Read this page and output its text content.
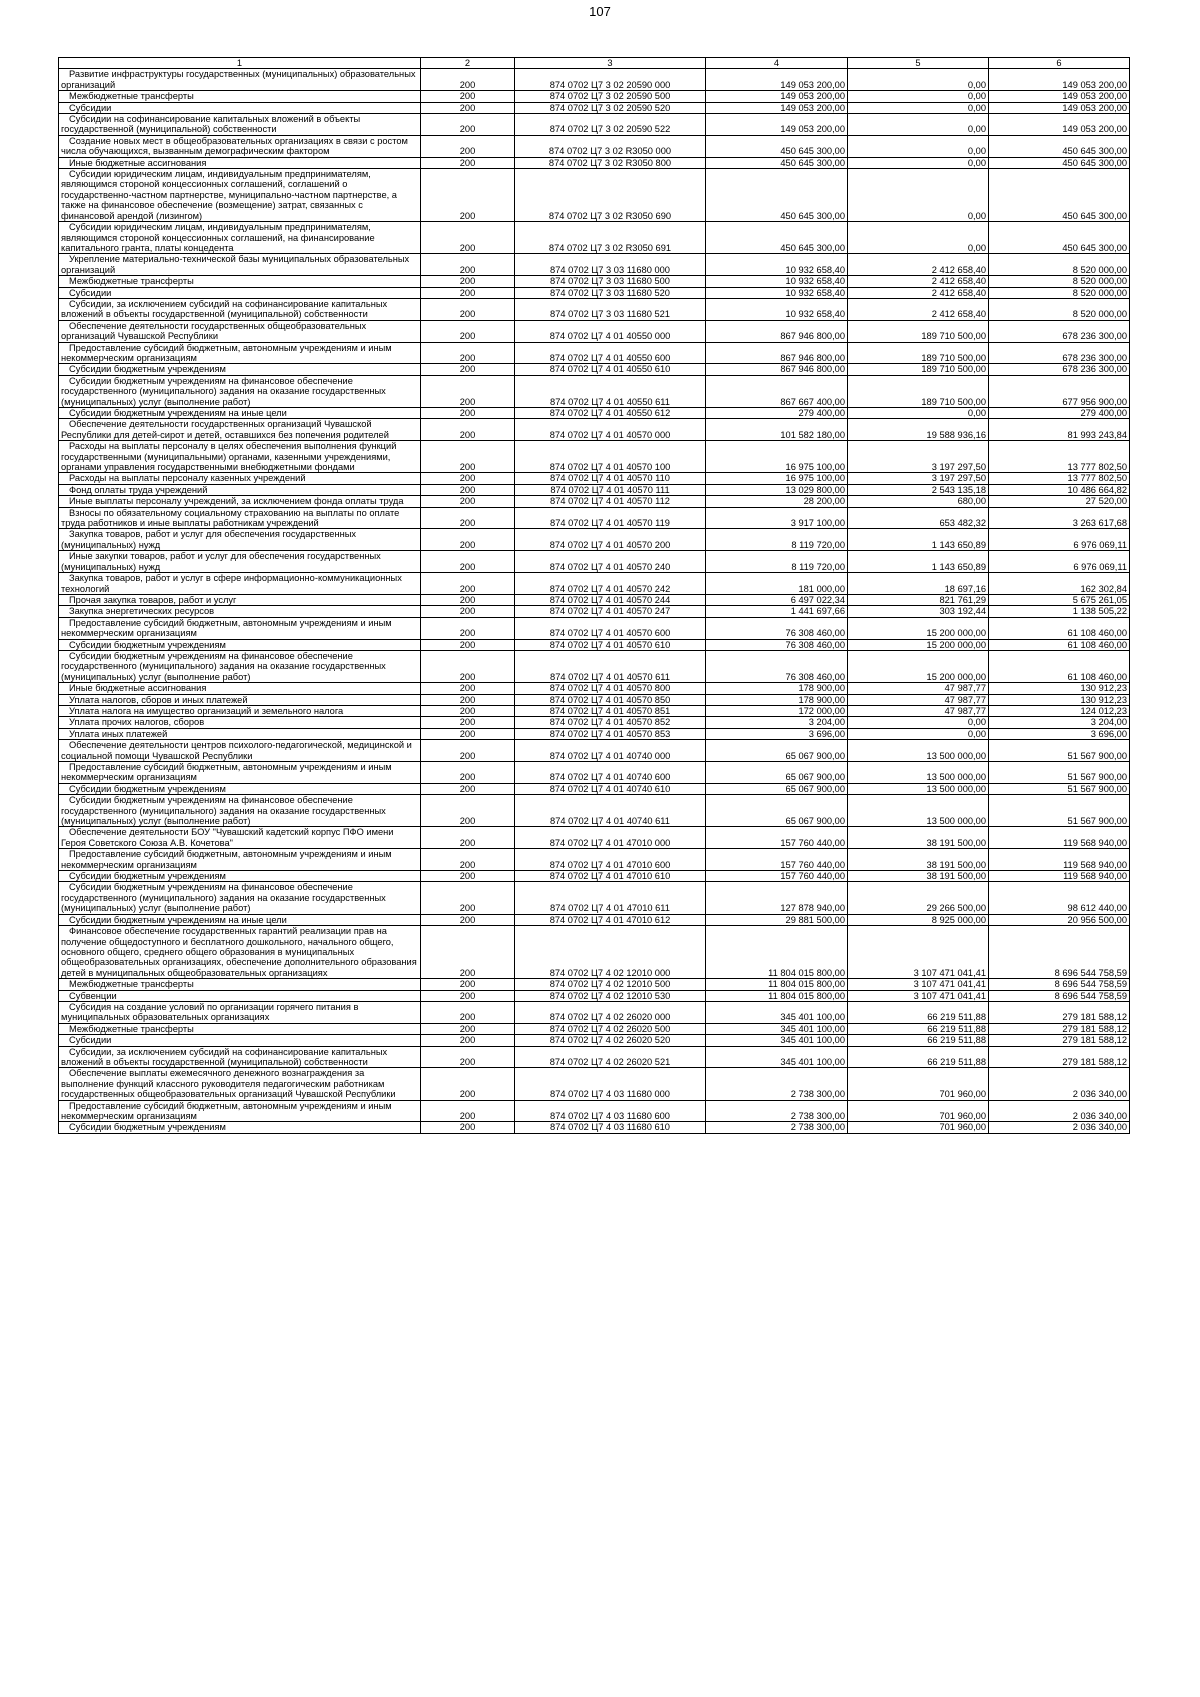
107
1	2	3	4	5	6
Развитие инфраструктуры государственных (муниципальных) образовательных организаций	200	874 0702 Ц7 3 02 20590 000	149 053 200,00	0,00	149 053 200,00
Межбюджетные трансферты	200	874 0702 Ц7 3 02 20590 500	149 053 200,00	0,00	149 053 200,00
Субсидии	200	874 0702 Ц7 3 02 20590 520	149 053 200,00	0,00	149 053 200,00
Субсидии на софинансирование капитальных вложений в объекты государственной (муниципальной) собственности	200	874 0702 Ц7 3 02 20590 522	149 053 200,00	0,00	149 053 200,00
Создание новых мест в общеобразовательных организациях в связи с ростом числа обучающихся, вызванным демографическим фактором	200	874 0702 Ц7 3 02 R3050 000	450 645 300,00	0,00	450 645 300,00
Иные бюджетные ассигнования	200	874 0702 Ц7 3 02 R3050 800	450 645 300,00	0,00	450 645 300,00
Субсидии юридическим лицам, индивидуальным предпринимателям, являющимся стороной концессионных соглашений, соглашений о государственно-частном партнерстве, муниципально-частном партнерстве, а также на финансовое обеспечение (возмещение) затрат, связанных с финансовой арендой (лизингом)	200	874 0702 Ц7 3 02 R3050 690	450 645 300,00	0,00	450 645 300,00
Субсидии юридическим лицам, индивидуальным предпринимателям, являющимся стороной концессионных соглашений, на финансирование капитального гранта, платы концедента	200	874 0702 Ц7 3 02 R3050 691	450 645 300,00	0,00	450 645 300,00
Укрепление материально-технической базы муниципальных образовательных организаций	200	874 0702 Ц7 3 03 11680 000	10 932 658,40	2 412 658,40	8 520 000,00
Межбюджетные трансферты	200	874 0702 Ц7 3 03 11680 500	10 932 658,40	2 412 658,40	8 520 000,00
Субсидии	200	874 0702 Ц7 3 03 11680 520	10 932 658,40	2 412 658,40	8 520 000,00
Субсидии, за исключением субсидий на софинансирование капитальных вложений в объекты государственной (муниципальной) собственности	200	874 0702 Ц7 3 03 11680 521	10 932 658,40	2 412 658,40	8 520 000,00
Обеспечение деятельности государственных общеобразовательных организаций Чувашской Республики	200	874 0702 Ц7 4 01 40550 000	867 946 800,00	189 710 500,00	678 236 300,00
Предоставление субсидий бюджетным, автономным учреждениям и иным некоммерческим организациям	200	874 0702 Ц7 4 01 40550 600	867 946 800,00	189 710 500,00	678 236 300,00
Субсидии бюджетным учреждениям	200	874 0702 Ц7 4 01 40550 610	867 946 800,00	189 710 500,00	678 236 300,00
Субсидии бюджетным учреждениям на финансовое обеспечение государственного (муниципального) задания на оказание государственных (муниципальных) услуг (выполнение работ)	200	874 0702 Ц7 4 01 40550 611	867 667 400,00	189 710 500,00	677 956 900,00
Субсидии бюджетным учреждениям на иные цели	200	874 0702 Ц7 4 01 40550 612	279 400,00	0,00	279 400,00
Обеспечение деятельности государственных организаций Чувашской Республики для детей-сирот и детей, оставшихся без попечения родителей	200	874 0702 Ц7 4 01 40570 000	101 582 180,00	19 588 936,16	81 993 243,84
Расходы на выплаты персоналу в целях обеспечения выполнения функций государственными (муниципальными) органами, казенными учреждениями, органами управления государственными внебюджетными фондами	200	874 0702 Ц7 4 01 40570 100	16 975 100,00	3 197 297,50	13 777 802,50
Расходы на выплаты персоналу казенных учреждений	200	874 0702 Ц7 4 01 40570 110	16 975 100,00	3 197 297,50	13 777 802,50
Фонд оплаты труда учреждений	200	874 0702 Ц7 4 01 40570 111	13 029 800,00	2 543 135,18	10 486 664,82
Иные выплаты персоналу учреждений, за исключением фонда оплаты труда	200	874 0702 Ц7 4 01 40570 112	28 200,00	680,00	27 520,00
Взносы по обязательному социальному страхованию на выплаты по оплате труда работников и иные выплаты работникам учреждений	200	874 0702 Ц7 4 01 40570 119	3 917 100,00	653 482,32	3 263 617,68
Закупка товаров, работ и услуг для обеспечения государственных (муниципальных) нужд	200	874 0702 Ц7 4 01 40570 200	8 119 720,00	1 143 650,89	6 976 069,11
Иные закупки товаров, работ и услуг для обеспечения государственных (муниципальных) нужд	200	874 0702 Ц7 4 01 40570 240	8 119 720,00	1 143 650,89	6 976 069,11
Закупка товаров, работ и услуг в сфере информационно-коммуникационных технологий	200	874 0702 Ц7 4 01 40570 242	181 000,00	18 697,16	162 302,84
Прочая закупка товаров, работ и услуг	200	874 0702 Ц7 4 01 40570 244	6 497 022,34	821 761,29	5 675 261,05
Закупка энергетических ресурсов	200	874 0702 Ц7 4 01 40570 247	1 441 697,66	303 192,44	1 138 505,22
Предоставление субсидий бюджетным, автономным учреждениям и иным некоммерческим организациям	200	874 0702 Ц7 4 01 40570 600	76 308 460,00	15 200 000,00	61 108 460,00
Субсидии бюджетным учреждениям	200	874 0702 Ц7 4 01 40570 610	76 308 460,00	15 200 000,00	61 108 460,00
Субсидии бюджетным учреждениям на финансовое обеспечение государственного (муниципального) задания на оказание государственных (муниципальных) услуг (выполнение работ)	200	874 0702 Ц7 4 01 40570 611	76 308 460,00	15 200 000,00	61 108 460,00
Иные бюджетные ассигнования	200	874 0702 Ц7 4 01 40570 800	178 900,00	47 987,77	130 912,23
Уплата налогов, сборов и иных платежей	200	874 0702 Ц7 4 01 40570 850	178 900,00	47 987,77	130 912,23
Уплата налога на имущество организаций и земельного налога	200	874 0702 Ц7 4 01 40570 851	172 000,00	47 987,77	124 012,23
Уплата прочих налогов, сборов	200	874 0702 Ц7 4 01 40570 852	3 204,00	0,00	3 204,00
Уплата иных платежей	200	874 0702 Ц7 4 01 40570 853	3 696,00	0,00	3 696,00
Обеспечение деятельности центров психолого-педагогической, медицинской и социальной помощи Чувашской Республики	200	874 0702 Ц7 4 01 40740 000	65 067 900,00	13 500 000,00	51 567 900,00
Предоставление субсидий бюджетным, автономным учреждениям и иным некоммерческим организациям	200	874 0702 Ц7 4 01 40740 600	65 067 900,00	13 500 000,00	51 567 900,00
Субсидии бюджетным учреждениям	200	874 0702 Ц7 4 01 40740 610	65 067 900,00	13 500 000,00	51 567 900,00
Субсидии бюджетным учреждениям на финансовое обеспечение государственного (муниципального) задания на оказание государственных (муниципальных) услуг (выполнение работ)	200	874 0702 Ц7 4 01 40740 611	65 067 900,00	13 500 000,00	51 567 900,00
Обеспечение деятельности БОУ "Чувашский кадетский корпус ПФО имени Героя Советского Союза А.В. Кочетова"	200	874 0702 Ц7 4 01 47010 000	157 760 440,00	38 191 500,00	119 568 940,00
Предоставление субсидий бюджетным, автономным учреждениям и иным некоммерческим организациям	200	874 0702 Ц7 4 01 47010 600	157 760 440,00	38 191 500,00	119 568 940,00
Субсидии бюджетным учреждениям	200	874 0702 Ц7 4 01 47010 610	157 760 440,00	38 191 500,00	119 568 940,00
Субсидии бюджетным учреждениям на финансовое обеспечение государственного (муниципального) задания на оказание государственных (муниципальных) услуг (выполнение работ)	200	874 0702 Ц7 4 01 47010 611	127 878 940,00	29 266 500,00	98 612 440,00
Субсидии бюджетным учреждениям на иные цели	200	874 0702 Ц7 4 01 47010 612	29 881 500,00	8 925 000,00	20 956 500,00
Финансовое обеспечение государственных гарантий реализации прав на получение общедоступного и бесплатного дошкольного, начального общего, основного общего, среднего общего образования в муниципальных общеобразовательных организациях, обеспечение дополнительного образования детей в муниципальных общеобразовательных организациях	200	874 0702 Ц7 4 02 12010 000	11 804 015 800,00	3 107 471 041,41	8 696 544 758,59
Межбюджетные трансферты	200	874 0702 Ц7 4 02 12010 500	11 804 015 800,00	3 107 471 041,41	8 696 544 758,59
Субвенции	200	874 0702 Ц7 4 02 12010 530	11 804 015 800,00	3 107 471 041,41	8 696 544 758,59
Субсидия на создание условий по организации горячего питания в муниципальных образовательных организациях	200	874 0702 Ц7 4 02 26020 000	345 401 100,00	66 219 511,88	279 181 588,12
Межбюджетные трансферты	200	874 0702 Ц7 4 02 26020 500	345 401 100,00	66 219 511,88	279 181 588,12
Субсидии	200	874 0702 Ц7 4 02 26020 520	345 401 100,00	66 219 511,88	279 181 588,12
Субсидии, за исключением субсидий на софинансирование капитальных вложений в объекты государственной (муниципальной) собственности	200	874 0702 Ц7 4 02 26020 521	345 401 100,00	66 219 511,88	279 181 588,12
Обеспечение выплаты ежемесячного денежного вознаграждения за выполнение функций классного руководителя педагогическим работникам государственных общеобразовательных организаций Чувашской Республики	200	874 0702 Ц7 4 03 11680 000	2 738 300,00	701 960,00	2 036 340,00
Предоставление субсидий бюджетным, автономным учреждениям и иным некоммерческим организациям	200	874 0702 Ц7 4 03 11680 600	2 738 300,00	701 960,00	2 036 340,00
Субсидии бюджетным учреждениям	200	874 0702 Ц7 4 03 11680 610	2 738 300,00	701 960,00	2 036 340,00
